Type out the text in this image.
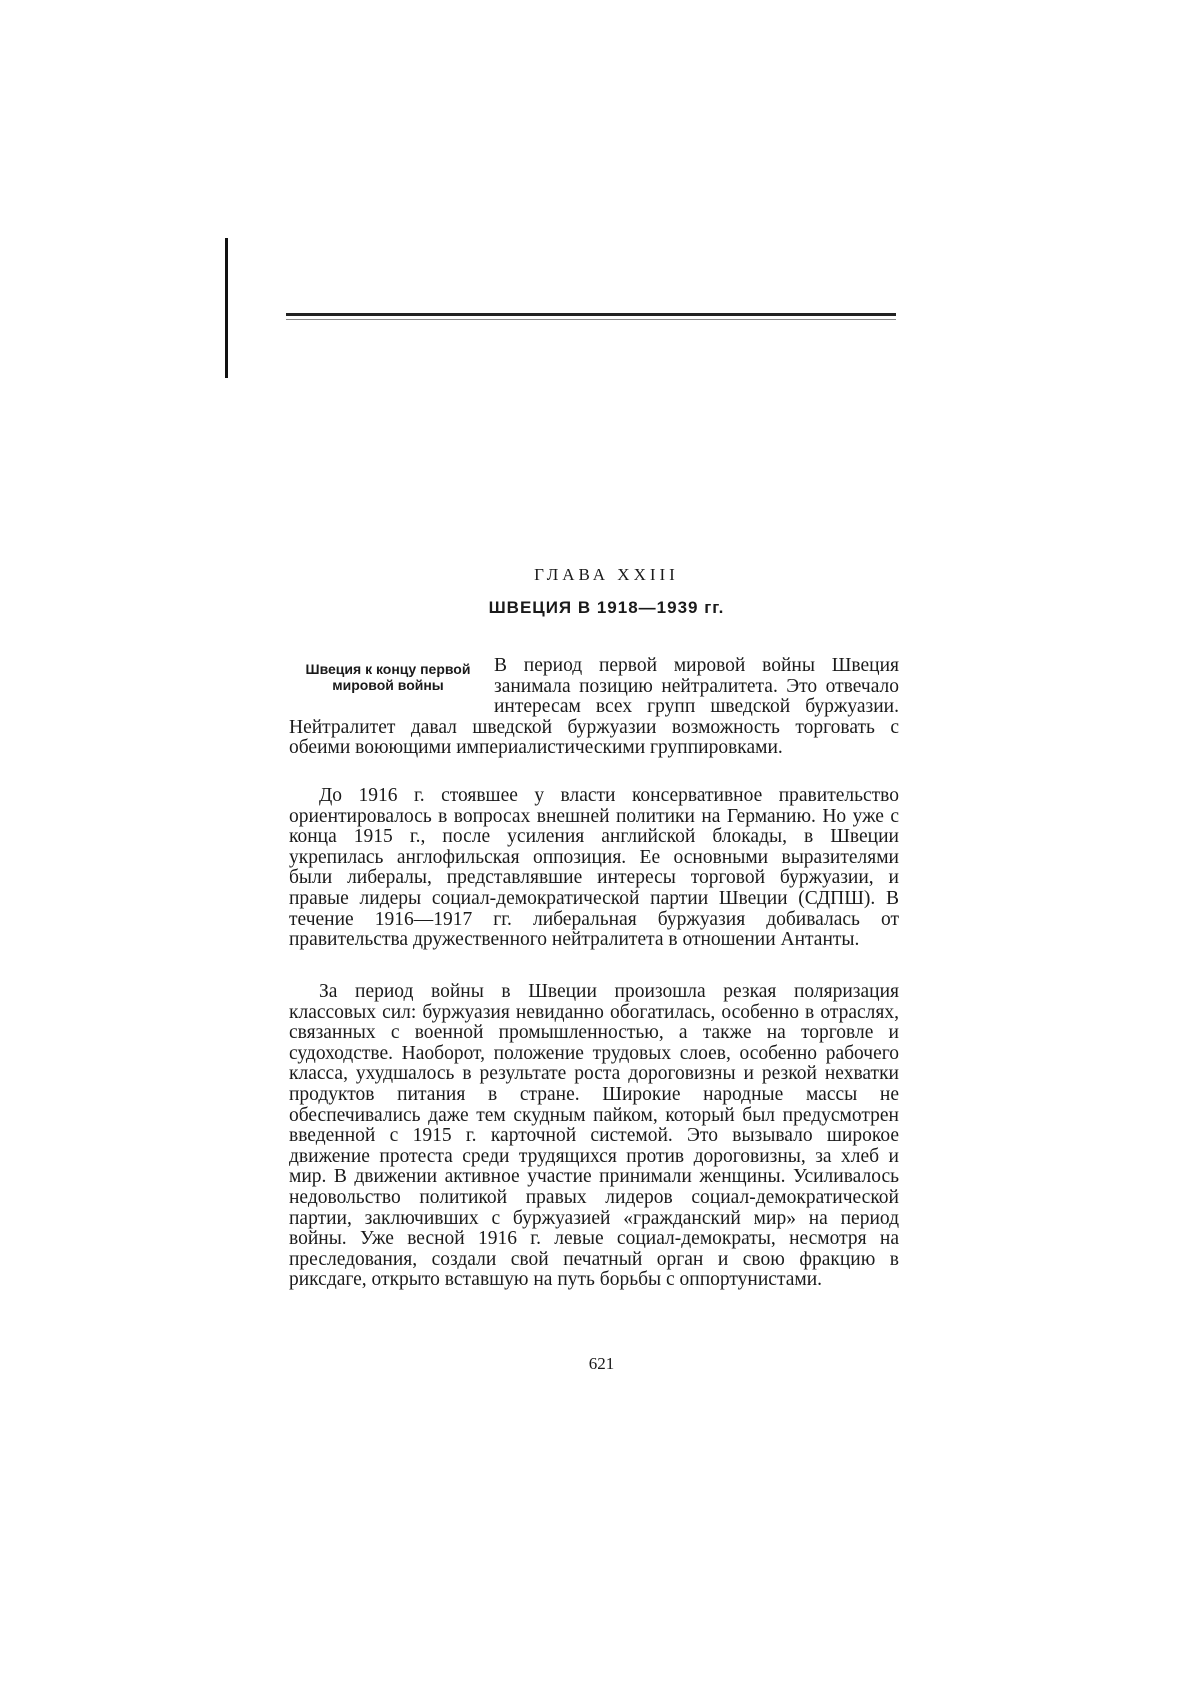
ГЛАВА XXIII
ШВЕЦИЯ В 1918—1939 гг.
Швеция к концу первой мировой войны

В период первой мировой войны Швеция занимала позицию нейтралитета. Это отвечало интересам всех групп шведской буржуазии. Нейтралитет давал шведской буржуазии возможность торговать с обеими воюющими империалистическими группировками.

До 1916 г. стоявшее у власти консервативное правительство ориентировалось в вопросах внешней политики на Германию. Но уже с конца 1915 г., после усиления английской блокады, в Швеции укрепилась англофильская оппозиция. Ее основными выразителями были либералы, представлявшие интересы торговой буржуазии, и правые лидеры социал-демократической партии Швеции (СДПШ). В течение 1916—1917 гг. либеральная буржуазия добивалась от правительства дружественного нейтралитета в отношении Антанты.

За период войны в Швеции произошла резкая поляризация классовых сил: буржуазия невиданно обогатилась, особенно в отраслях, связанных с военной промышленностью, а также на торговле и судоходстве. Наоборот, положение трудовых слоев, особенно рабочего класса, ухудшалось в результате роста дороговизны и резкой нехватки продуктов питания в стране. Широкие народные массы не обеспечивались даже тем скудным пайком, который был предусмотрен введенной с 1915 г. карточной системой. Это вызывало широкое движение протеста среди трудящихся против дороговизны, за хлеб и мир. В движении активное участие принимали женщины. Усиливалось недовольство политикой правых лидеров социал-демократической партии, заключивших с буржуазией «гражданский мир» на период войны. Уже весной 1916 г. левые социал-демократы, несмотря на преследования, создали свой печатный орган и свою фракцию в риксдаге, открыто вставшую на путь борьбы с оппортунистами.

621
